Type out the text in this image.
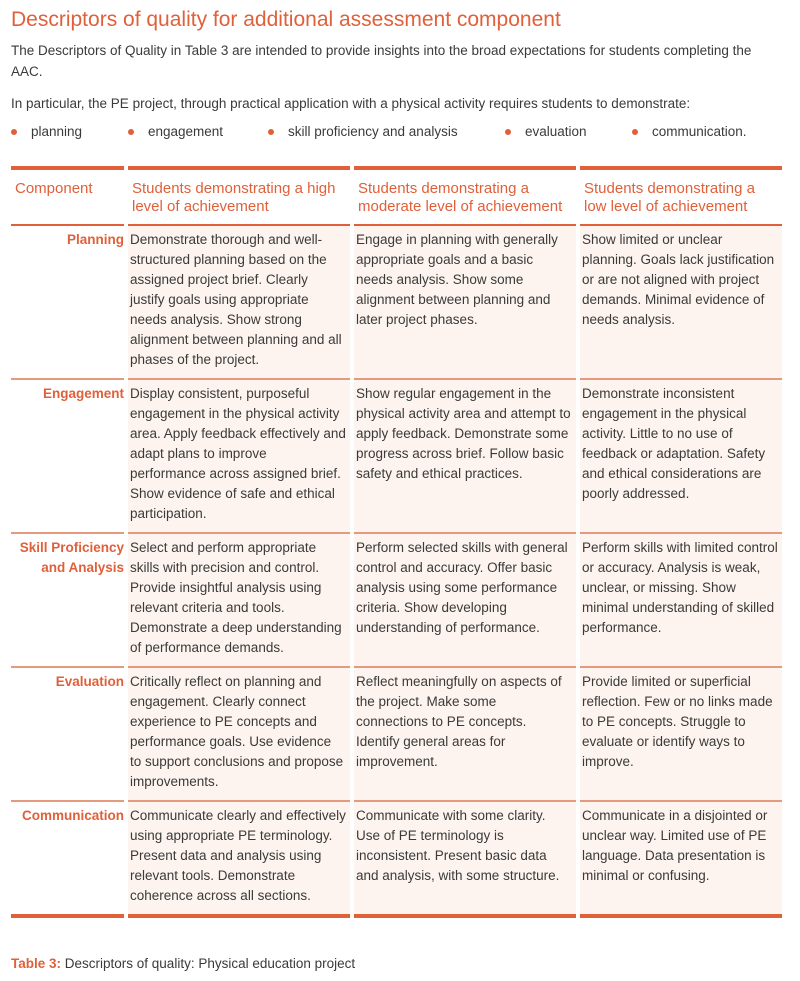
Descriptors of quality for additional assessment component

The Descriptors of Quality in Table 3 are intended to provide insights into the broad expectations for students completing the AAC.

In particular, the PE project, through practical application with a physical activity requires students to demonstrate:

planning	engagement	skill proficiency and analysis	evaluation	communication.
Component	Students demonstrating a high level of achievement	Students demonstrating a moderate level of achievement	Students demonstrating a low level of achievement
Planning	Demonstrate thorough and well-structured planning based on the assigned project brief. Clearly justify goals using appropriate needs analysis. Show strong alignment between planning and all phases of the project.	Engage in planning with generally appropriate goals and a basic needs analysis. Show some alignment between planning and later project phases.	Show limited or unclear planning. Goals lack justification or are not aligned with project demands. Minimal evidence of needs analysis.
Engagement	Display consistent, purposeful engagement in the physical activity area. Apply feedback effectively and adapt plans to improve performance across assigned brief. Show evidence of safe and ethical participation.	Show regular engagement in the physical activity area and attempt to apply feedback. Demonstrate some progress across brief. Follow basic safety and ethical practices.	Demonstrate inconsistent engagement in the physical activity. Little to no use of feedback or adaptation. Safety and ethical considerations are poorly addressed.
Skill Proficiency and Analysis	Select and perform appropriate skills with precision and control. Provide insightful analysis using relevant criteria and tools. Demonstrate a deep understanding of performance demands.	Perform selected skills with general control and accuracy. Offer basic analysis using some performance criteria. Show developing understanding of performance.	Perform skills with limited control or accuracy. Analysis is weak, unclear, or missing. Show minimal understanding of skilled performance.
Evaluation	Critically reflect on planning and engagement. Clearly connect experience to PE concepts and performance goals. Use evidence to support conclusions and propose improvements.	Reflect meaningfully on aspects of the project. Make some connections to PE concepts. Identify general areas for improvement.	Provide limited or superficial reflection. Few or no links made to PE concepts. Struggle to evaluate or identify ways to improve.
Communication	Communicate clearly and effectively using appropriate PE terminology. Present data and analysis using relevant tools. Demonstrate coherence across all sections.	Communicate with some clarity. Use of PE terminology is inconsistent. Present basic data and analysis, with some structure.	Communicate in a disjointed or unclear way. Limited use of PE language. Data presentation is minimal or confusing.

Table 3: Descriptors of quality: Physical education project
